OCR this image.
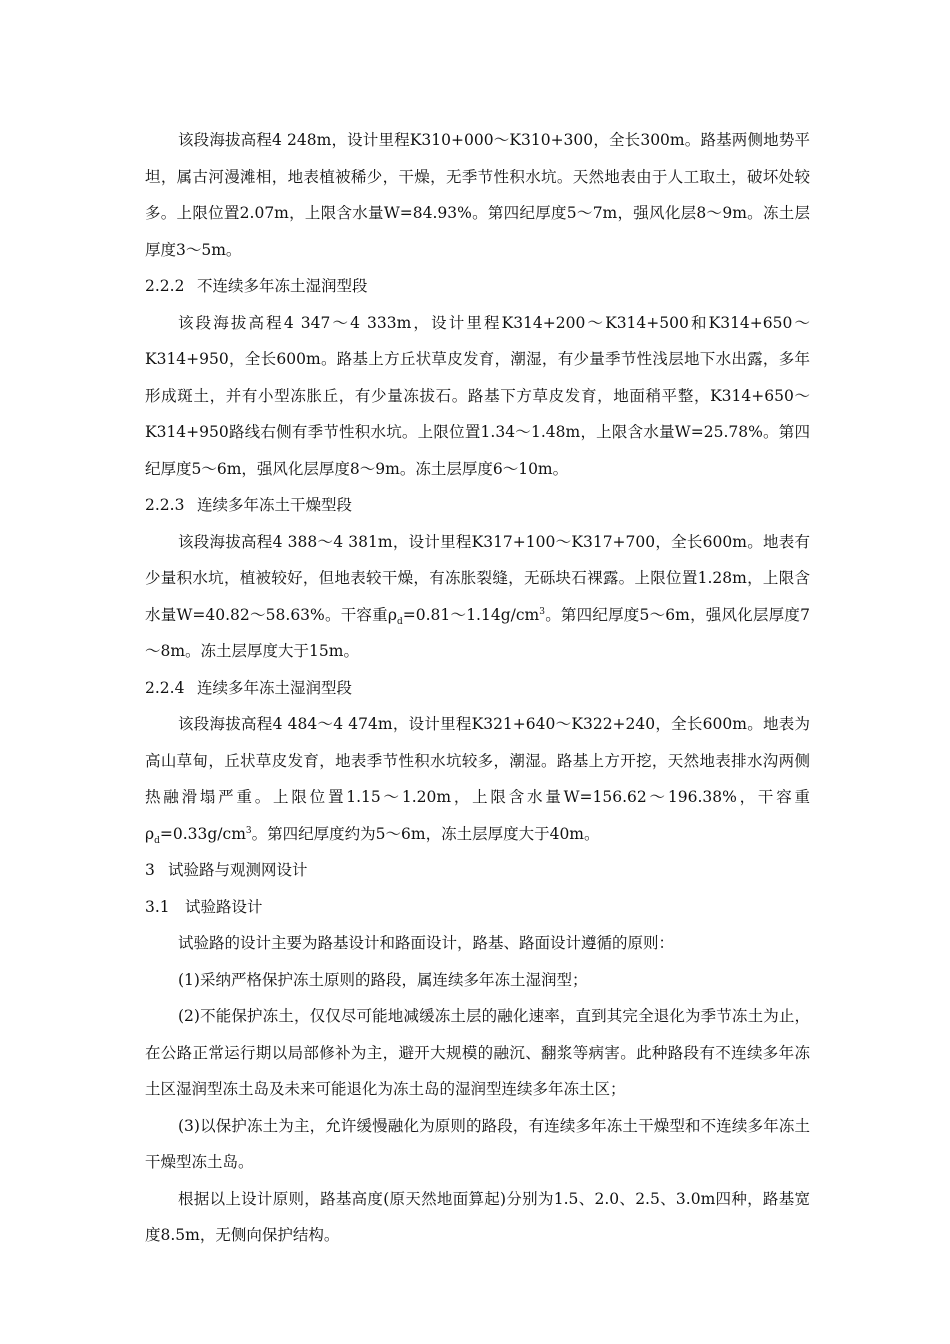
该段海拔高程4 248m，设计里程K310+000～K310+300，全长300m。路基两侧地势平坦，属古河漫滩相，地表植被稀少，干燥，无季节性积水坑。天然地表由于人工取土，破坏处较多。上限位置2.07m，上限含水量W=84.93%。第四纪厚度5～7m，强风化层8～9m。冻土层厚度3～5m。

2.2.2 不连续多年冻土湿润型段

该段海拔高程4 347～4 333m，设计里程K314+200～K314+500和K314+650～K314+950，全长600m。路基上方丘状草皮发育，潮湿，有少量季节性浅层地下水出露，多年形成斑土，并有小型冻胀丘，有少量冻拔石。路基下方草皮发育，地面稍平整，K314+650～K314+950路线右侧有季节性积水坑。上限位置1.34～1.48m，上限含水量W=25.78%。第四纪厚度5～6m，强风化层厚度8～9m。冻土层厚度6～10m。

2.2.3 连续多年冻土干燥型段

该段海拔高程4 388～4 381m，设计里程K317+100～K317+700，全长600m。地表有少量积水坑，植被较好，但地表较干燥，有冻胀裂缝，无砾块石裸露。上限位置1.28m，上限含水量W=40.82～58.63%。干容重$\rho_d=0.81\sim 1.14g/cm^3$。第四纪厚度5～6m，强风化层厚度7～8m。冻土层厚度大于15m。

2.2.4 连续多年冻土湿润型段

该段海拔高程4 484～4 474m，设计里程K321+640～K322+240，全长600m。地表为高山草甸，丘状草皮发育，地表季节性积水坑较多，潮湿。路基上方开挖，天然地表排水沟两侧热融滑塌严重。上限位置1.15～1.20m，上限含水量W=156.62～196.38%，干容重$\rho_d=0.33g/cm^3$。第四纪厚度约为5～6m，冻土层厚度大于40m。

3 试验路与观测网设计

3.1 试验路设计

试验路的设计主要为路基设计和路面设计，路基、路面设计遵循的原则：

(1)采纳严格保护冻土原则的路段，属连续多年冻土湿润型；

(2)不能保护冻土，仅仅尽可能地减缓冻土层的融化速率，直到其完全退化为季节冻土为止，在公路正常运行期以局部修补为主，避开大规模的融沉、翻浆等病害。此种路段有不连续多年冻土区湿润型冻土岛及未来可能退化为冻土岛的湿润型连续多年冻土区；

(3)以保护冻土为主，允许缓慢融化为原则的路段，有连续多年冻土干燥型和不连续多年冻土干燥型冻土岛。

根据以上设计原则，路基高度(原天然地面算起)分别为1.5、2.0、2.5、3.0m四种，路基宽度8.5m，无侧向保护结构。
